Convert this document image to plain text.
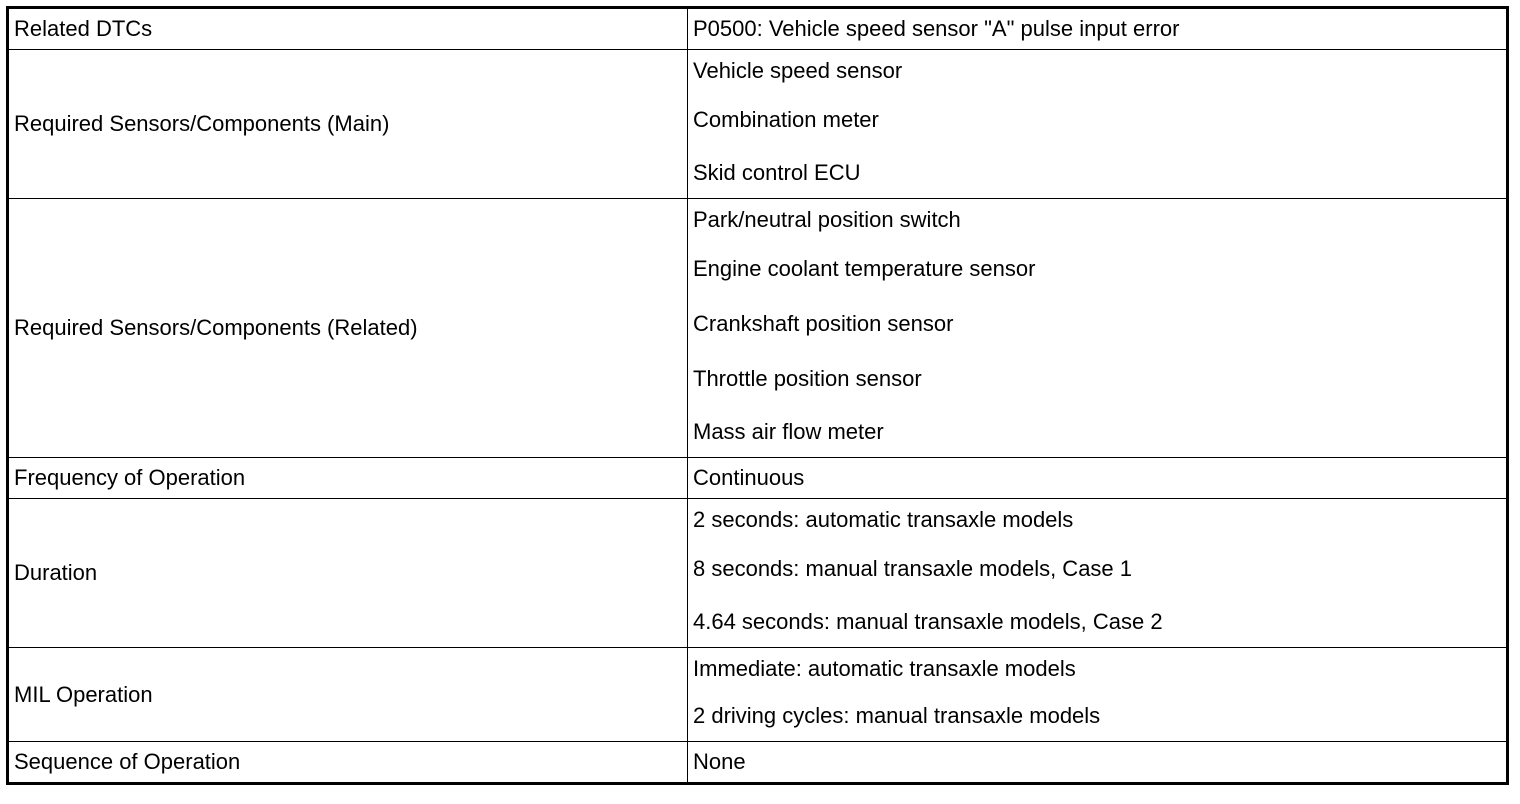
Related DTCs	P0500: Vehicle speed sensor "A" pulse input error
Required Sensors/Components (Main)	Vehicle speed sensor
Combination meter
Skid control ECU

Required Sensors/Components (Related)	Park/neutral position switch
Engine coolant temperature sensor
Crankshaft position sensor
Throttle position sensor
Mass air flow meter

Frequency of Operation	Continuous
Duration	2 seconds: automatic transaxle models
8 seconds: manual transaxle models, Case 1
4.64 seconds: manual transaxle models, Case 2

MIL Operation	Immediate: automatic transaxle models
2 driving cycles: manual transaxle models

Sequence of Operation	None
